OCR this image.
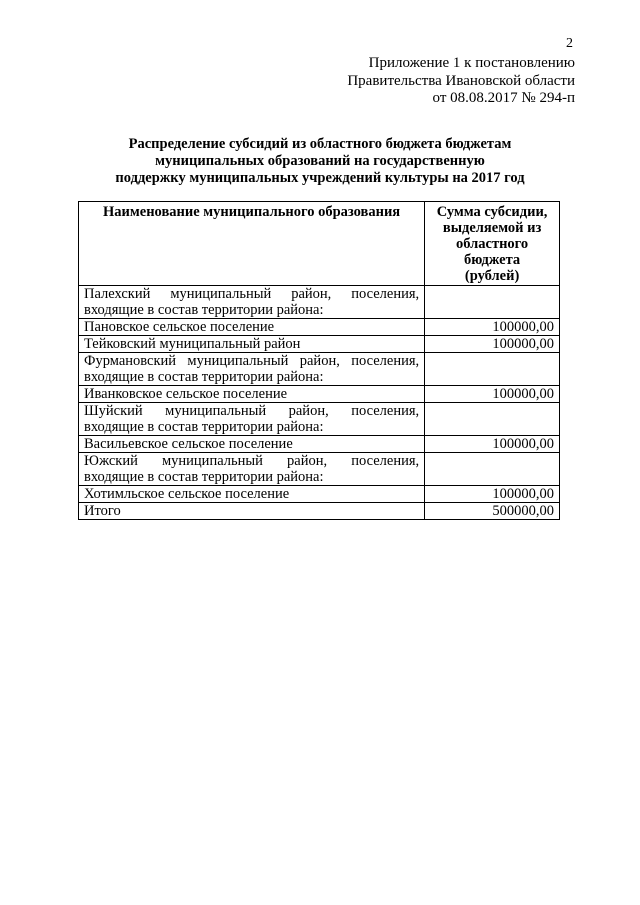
2
Приложение 1 к постановлению
Правительства Ивановской области
от 08.08.2017 № 294-п
Распределение субсидий из областного бюджета бюджетам
муниципальных образований на государственную
поддержку муниципальных учреждений культуры на 2017 год
Наименование муниципального образования	Сумма субсидии,
выделяемой из
областного бюджета
(рублей)

Палехский муниципальный район, поселения, входящие в состав территории района:	
Пановское сельское поселение	100000,00
Тейковский муниципальный район	100000,00
Фурмановский муниципальный район, поселения, входящие в состав территории района:	
Иванковское сельское поселение	100000,00
Шуйский муниципальный район, поселения, входящие в состав территории района:	
Васильевское сельское поселение	100000,00
Южский муниципальный район, поселения, входящие в состав территории района:	
Хотимльское сельское поселение	100000,00
Итого	500000,00
